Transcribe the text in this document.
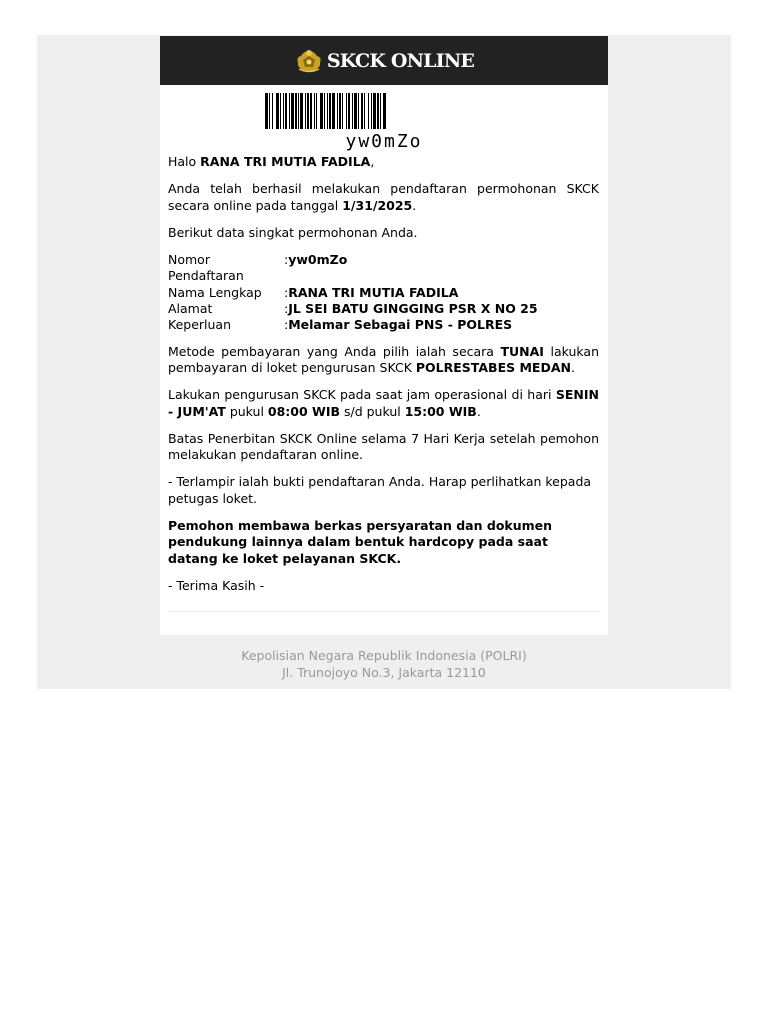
SKCK ONLINE
yw0mZo

Halo RANA TRI MUTIA FADILA,

Anda telah berhasil melakukan pendaftaran permohonan SKCK secara online pada tanggal 1/31/2025.

Berikut data singkat permohonan Anda.

Nomor Pendaftaran	:	yw0mZo
Nama Lengkap	:	RANA TRI MUTIA FADILA
Alamat	:	JL SEI BATU GINGGING PSR X NO 25
Keperluan	:	Melamar Sebagai PNS - POLRES

Metode pembayaran yang Anda pilih ialah secara TUNAI lakukan pembayaran di loket pengurusan SKCK POLRESTABES MEDAN.

Lakukan pengurusan SKCK pada saat jam operasional di hari SENIN - JUM'AT pukul 08:00 WIB s/d pukul 15:00 WIB.

Batas Penerbitan SKCK Online selama 7 Hari Kerja setelah pemohon melakukan pendaftaran online.

- Terlampir ialah bukti pendaftaran Anda. Harap perlihatkan kepada petugas loket.

Pemohon membawa berkas persyaratan dan dokumen pendukung lainnya dalam bentuk hardcopy pada saat datang ke loket pelayanan SKCK.

- Terima Kasih -

Kepolisian Negara Republik Indonesia (POLRI)
Jl. Trunojoyo No.3, Jakarta 12110
